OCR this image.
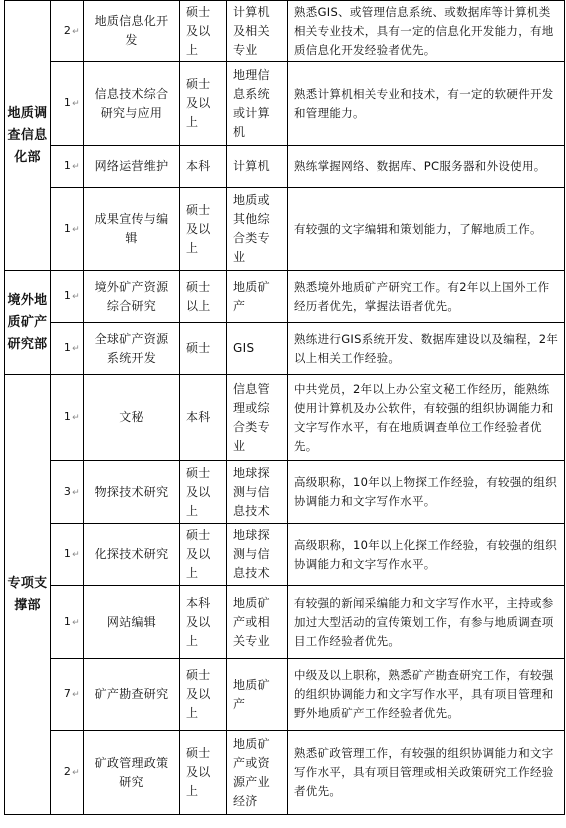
地质调查信息化部	2↵	地质信息化开发	硕士及以上	计算机及相关专业	熟悉GIS、或管理信息系统、或数据库等计算机类相关专业技术，具有一定的信息化开发能力，有地质信息化开发经验者优先。
	1↵	信息技术综合研究与应用	硕士及以上	地理信息系统或计算机	熟悉计算机相关专业和技术，有一定的软硬件开发和管理能力。
	1↵	网络运营维护	本科	计算机	熟练掌握网络、数据库、PC服务器和外设使用。
	1↵	成果宣传与编辑	硕士及以上	地质或其他综合类专业	有较强的文字编辑和策划能力，了解地质工作。
境外地质矿产研究部	1↵	境外矿产资源综合研究	硕士以上	地质矿产	熟悉境外地质矿产研究工作。有2年以上国外工作经历者优先，掌握法语者优先。
	1↵	全球矿产资源系统开发	硕士	GIS	熟练进行GIS系统开发、数据库建设以及编程，2年以上相关工作经验。
专项支撑部	1↵	文秘	本科	信息管理或综合类专业	中共党员，2年以上办公室文秘工作经历，能熟练使用计算机及办公软件，有较强的组织协调能力和文字写作水平，有在地质调查单位工作经验者优先。
	3↵	物探技术研究	硕士及以上	地球探测与信息技术	高级职称，10年以上物探工作经验，有较强的组织协调能力和文字写作水平。
	1↵	化探技术研究	硕士及以上	地球探测与信息技术	高级职称，10年以上化探工作经验，有较强的组织协调能力和文字写作水平。
	1↵	网站编辑	本科及以上	地质矿产或相关专业	有较强的新闻采编能力和文字写作水平，主持或参加过大型活动的宣传策划工作，有参与地质调查项目工作经验者优先。
	7↵	矿产勘查研究	硕士及以上	地质矿产	中级及以上职称，熟悉矿产勘查研究工作，有较强的组织协调能力和文字写作水平，具有项目管理和野外地质矿产工作经验者优先。
	2↵	矿政管理政策研究	硕士及以上	地质矿产或资源产业经济	熟悉矿政管理工作，有较强的组织协调能力和文字写作水平，具有项目管理或相关政策研究工作经验者优先。
